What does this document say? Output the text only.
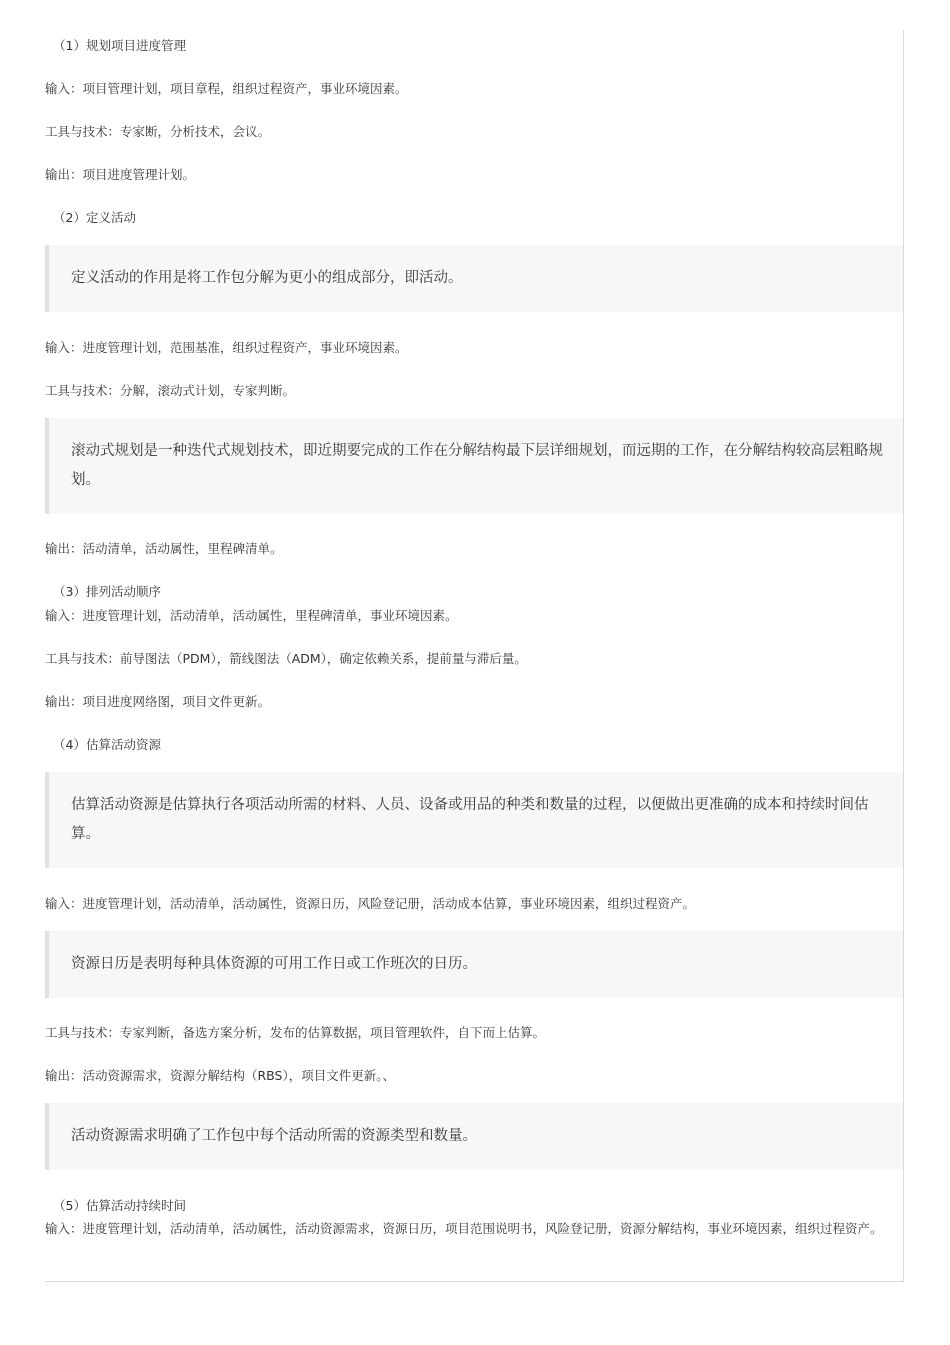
（1）规划项目进度管理
输入：项目管理计划，项目章程，组织过程资产，事业环境因素。
工具与技术：专家断，分析技术，会议。
输出：项目进度管理计划。
（2）定义活动
定义活动的作用是将工作包分解为更小的组成部分，即活动。
输入：进度管理计划，范围基准，组织过程资产，事业环境因素。
工具与技术：分解，滚动式计划，专家判断。
滚动式规划是一种迭代式规划技术，即近期要完成的工作在分解结构最下层详细规划，而远期的工作，在分解结构较高层粗略规划。
输出：活动清单，活动属性，里程碑清单。
（3）排列活动顺序
输入：进度管理计划，活动清单，活动属性，里程碑清单，事业环境因素。
工具与技术：前导图法（PDM），箭线图法（ADM），确定依赖关系，提前量与滞后量。
输出：项目进度网络图，项目文件更新。
（4）估算活动资源
估算活动资源是估算执行各项活动所需的材料、人员、设备或用品的种类和数量的过程，以便做出更准确的成本和持续时间估算。
输入：进度管理计划，活动清单，活动属性，资源日历，风险登记册，活动成本估算，事业环境因素，组织过程资产。
资源日历是表明每种具体资源的可用工作日或工作班次的日历。
工具与技术：专家判断，备选方案分析，发布的估算数据，项目管理软件，自下而上估算。
输出：活动资源需求，资源分解结构（RBS），项目文件更新。、
活动资源需求明确了工作包中每个活动所需的资源类型和数量。
（5）估算活动持续时间
输入：进度管理计划，活动清单，活动属性，活动资源需求，资源日历，项目范围说明书，风险登记册，资源分解结构，事业环境因素，组织过程资产。
